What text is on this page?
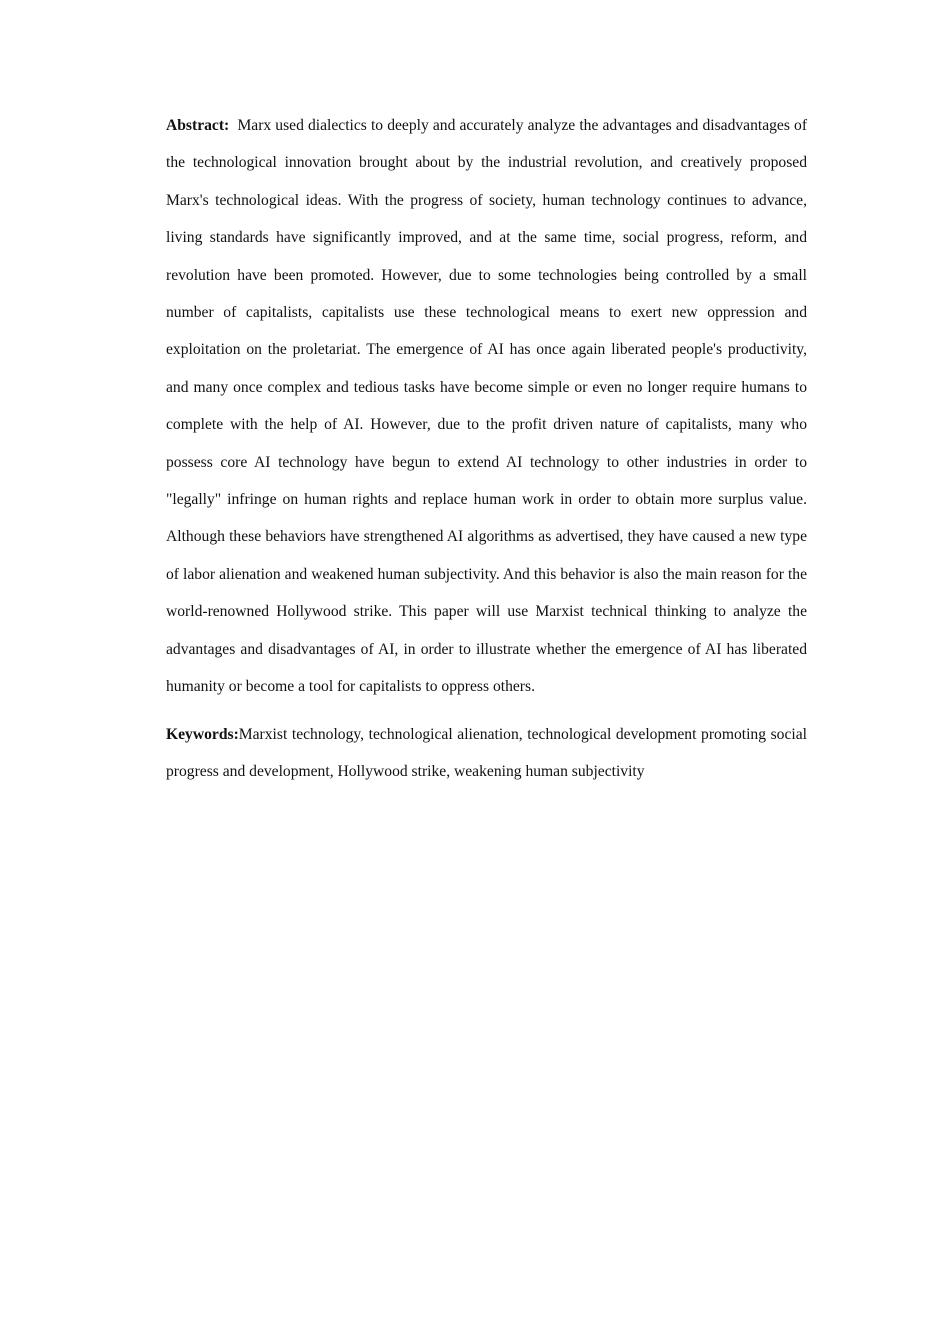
Abstract: Marx used dialectics to deeply and accurately analyze the advantages and disadvantages of the technological innovation brought about by the industrial revolution, and creatively proposed Marx's technological ideas. With the progress of society, human technology continues to advance, living standards have significantly improved, and at the same time, social progress, reform, and revolution have been promoted. However, due to some technologies being controlled by a small number of capitalists, capitalists use these technological means to exert new oppression and exploitation on the proletariat. The emergence of AI has once again liberated people's productivity, and many once complex and tedious tasks have become simple or even no longer require humans to complete with the help of AI. However, due to the profit driven nature of capitalists, many who possess core AI technology have begun to extend AI technology to other industries in order to "legally" infringe on human rights and replace human work in order to obtain more surplus value. Although these behaviors have strengthened AI algorithms as advertised, they have caused a new type of labor alienation and weakened human subjectivity. And this behavior is also the main reason for the world-renowned Hollywood strike. This paper will use Marxist technical thinking to analyze the advantages and disadvantages of AI, in order to illustrate whether the emergence of AI has liberated humanity or become a tool for capitalists to oppress others.

Keywords:Marxist technology, technological alienation, technological development promoting social progress and development, Hollywood strike, weakening human subjectivity
